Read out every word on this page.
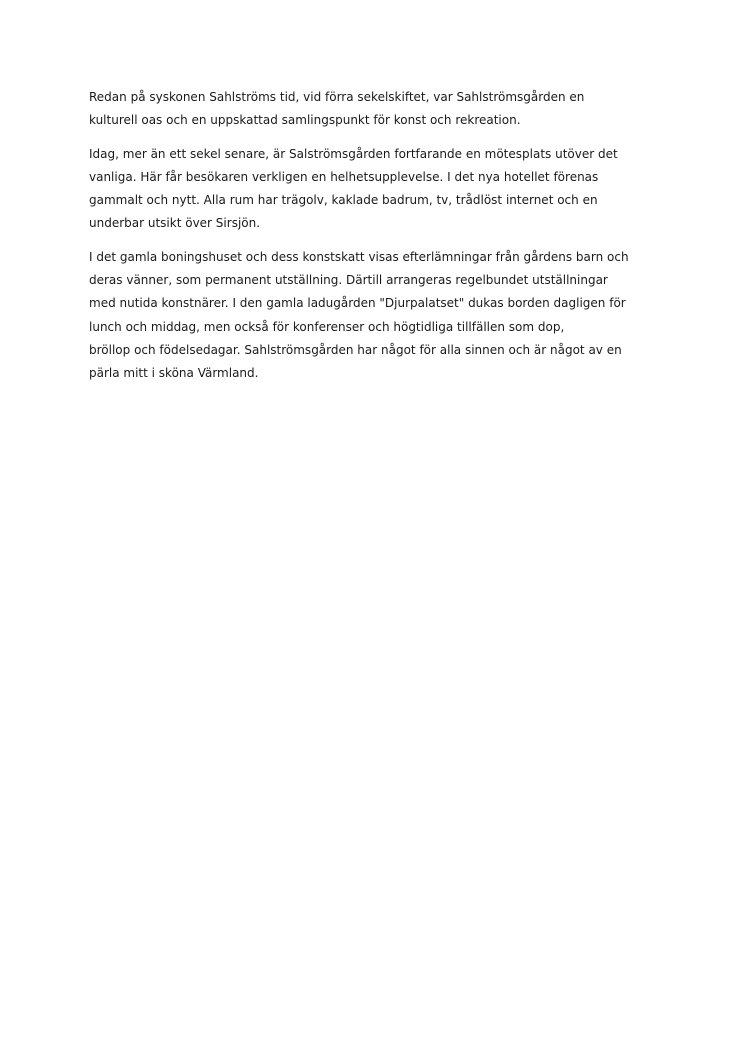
Redan på syskonen Sahlströms tid, vid förra sekelskiftet, var Sahlströmsgården en
kulturell oas och en uppskattad samlingspunkt för konst och rekreation.

Idag, mer än ett sekel senare, är Salströmsgården fortfarande en mötesplats utöver det
vanliga. Här får besökaren verkligen en helhetsupplevelse. I det nya hotellet förenas
gammalt och nytt. Alla rum har trägolv, kaklade badrum, tv, trådlöst internet och en
underbar utsikt över Sirsjön.

I det gamla boningshuset och dess konstskatt visas efterlämningar från gårdens barn och
deras vänner, som permanent utställning. Därtill arrangeras regelbundet utställningar
med nutida konstnärer. I den gamla ladugården "Djurpalatset" dukas borden dagligen för
lunch och middag, men också för konferenser och högtidliga tillfällen som dop,
bröllop och födelsedagar. Sahlströmsgården har något för alla sinnen och är något av en
pärla mitt i sköna Värmland.
